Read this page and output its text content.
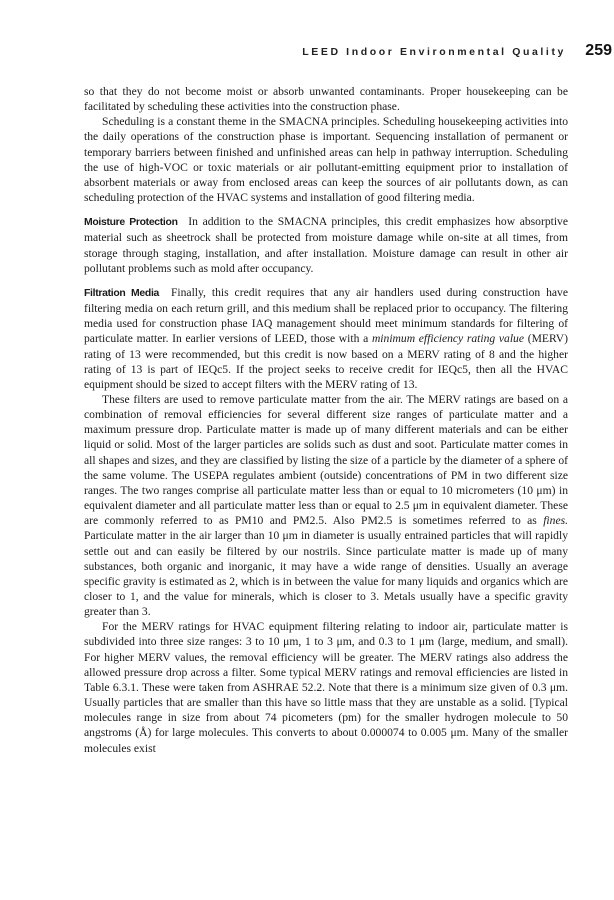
LEED Indoor Environmental Quality 259

so that they do not become moist or absorb unwanted contaminants. Proper housekeeping can be facilitated by scheduling these activities into the construction phase.

Scheduling is a constant theme in the SMACNA principles. Scheduling housekeeping activities into the daily operations of the construction phase is important. Sequencing installation of permanent or temporary barriers between finished and unfinished areas can help in pathway interruption. Scheduling the use of high-VOC or toxic materials or air pollutant-emitting equipment prior to installation of absorbent materials or away from enclosed areas can keep the sources of air pollutants down, as can scheduling protection of the HVAC systems and installation of good filtering media.

Moisture Protection In addition to the SMACNA principles, this credit emphasizes how absorptive material such as sheetrock shall be protected from moisture damage while on-site at all times, from storage through staging, installation, and after installation. Moisture damage can result in other air pollutant problems such as mold after occupancy.

Filtration Media Finally, this credit requires that any air handlers used during construction have filtering media on each return grill, and this medium shall be replaced prior to occupancy. The filtering media used for construction phase IAQ management should meet minimum standards for filtering of particulate matter. In earlier versions of LEED, those with a minimum efficiency rating value (MERV) rating of 13 were recommended, but this credit is now based on a MERV rating of 8 and the higher rating of 13 is part of IEQc5. If the project seeks to receive credit for IEQc5, then all the HVAC equipment should be sized to accept filters with the MERV rating of 13.

These filters are used to remove particulate matter from the air. The MERV ratings are based on a combination of removal efficiencies for several different size ranges of particulate matter and a maximum pressure drop. Particulate matter is made up of many different materials and can be either liquid or solid. Most of the larger particles are solids such as dust and soot. Particulate matter comes in all shapes and sizes, and they are classified by listing the size of a particle by the diameter of a sphere of the same volume. The USEPA regulates ambient (outside) concentrations of PM in two different size ranges. The two ranges comprise all particulate matter less than or equal to 10 micrometers (10 μm) in equivalent diameter and all particulate matter less than or equal to 2.5 μm in equivalent diameter. These are commonly referred to as PM10 and PM2.5. Also PM2.5 is sometimes referred to as fines. Particulate matter in the air larger than 10 μm in diameter is usually entrained particles that will rapidly settle out and can easily be filtered by our nostrils. Since particulate matter is made up of many substances, both organic and inorganic, it may have a wide range of densities. Usually an average specific gravity is estimated as 2, which is in between the value for many liquids and organics which are closer to 1, and the value for minerals, which is closer to 3. Metals usually have a specific gravity greater than 3.

For the MERV ratings for HVAC equipment filtering relating to indoor air, particulate matter is subdivided into three size ranges: 3 to 10 μm, 1 to 3 μm, and 0.3 to 1 μm (large, medium, and small). For higher MERV values, the removal efficiency will be greater. The MERV ratings also address the allowed pressure drop across a filter. Some typical MERV ratings and removal efficiencies are listed in Table 6.3.1. These were taken from ASHRAE 52.2. Note that there is a minimum size given of 0.3 μm. Usually particles that are smaller than this have so little mass that they are unstable as a solid. [Typical molecules range in size from about 74 picometers (pm) for the smaller hydrogen molecule to 50 angstroms (Å) for large molecules. This converts to about 0.000074 to 0.005 μm. Many of the smaller molecules exist
